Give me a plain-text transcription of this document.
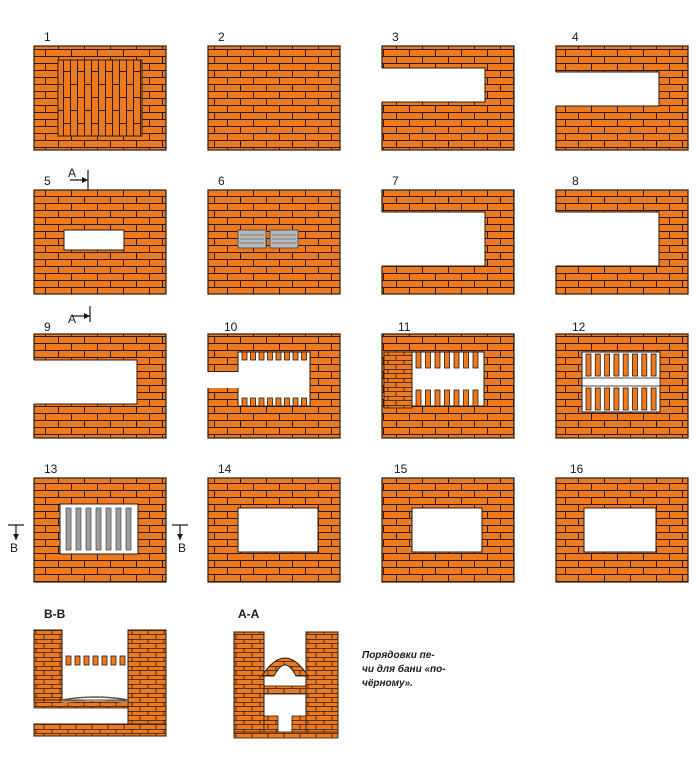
1	2	3	4
5
A
6	7	8
9
A
10	11	12
13
B	B
14	15	16
B-B	A-A
Порядовки пе-
чи для бани «по-
чёрному».
